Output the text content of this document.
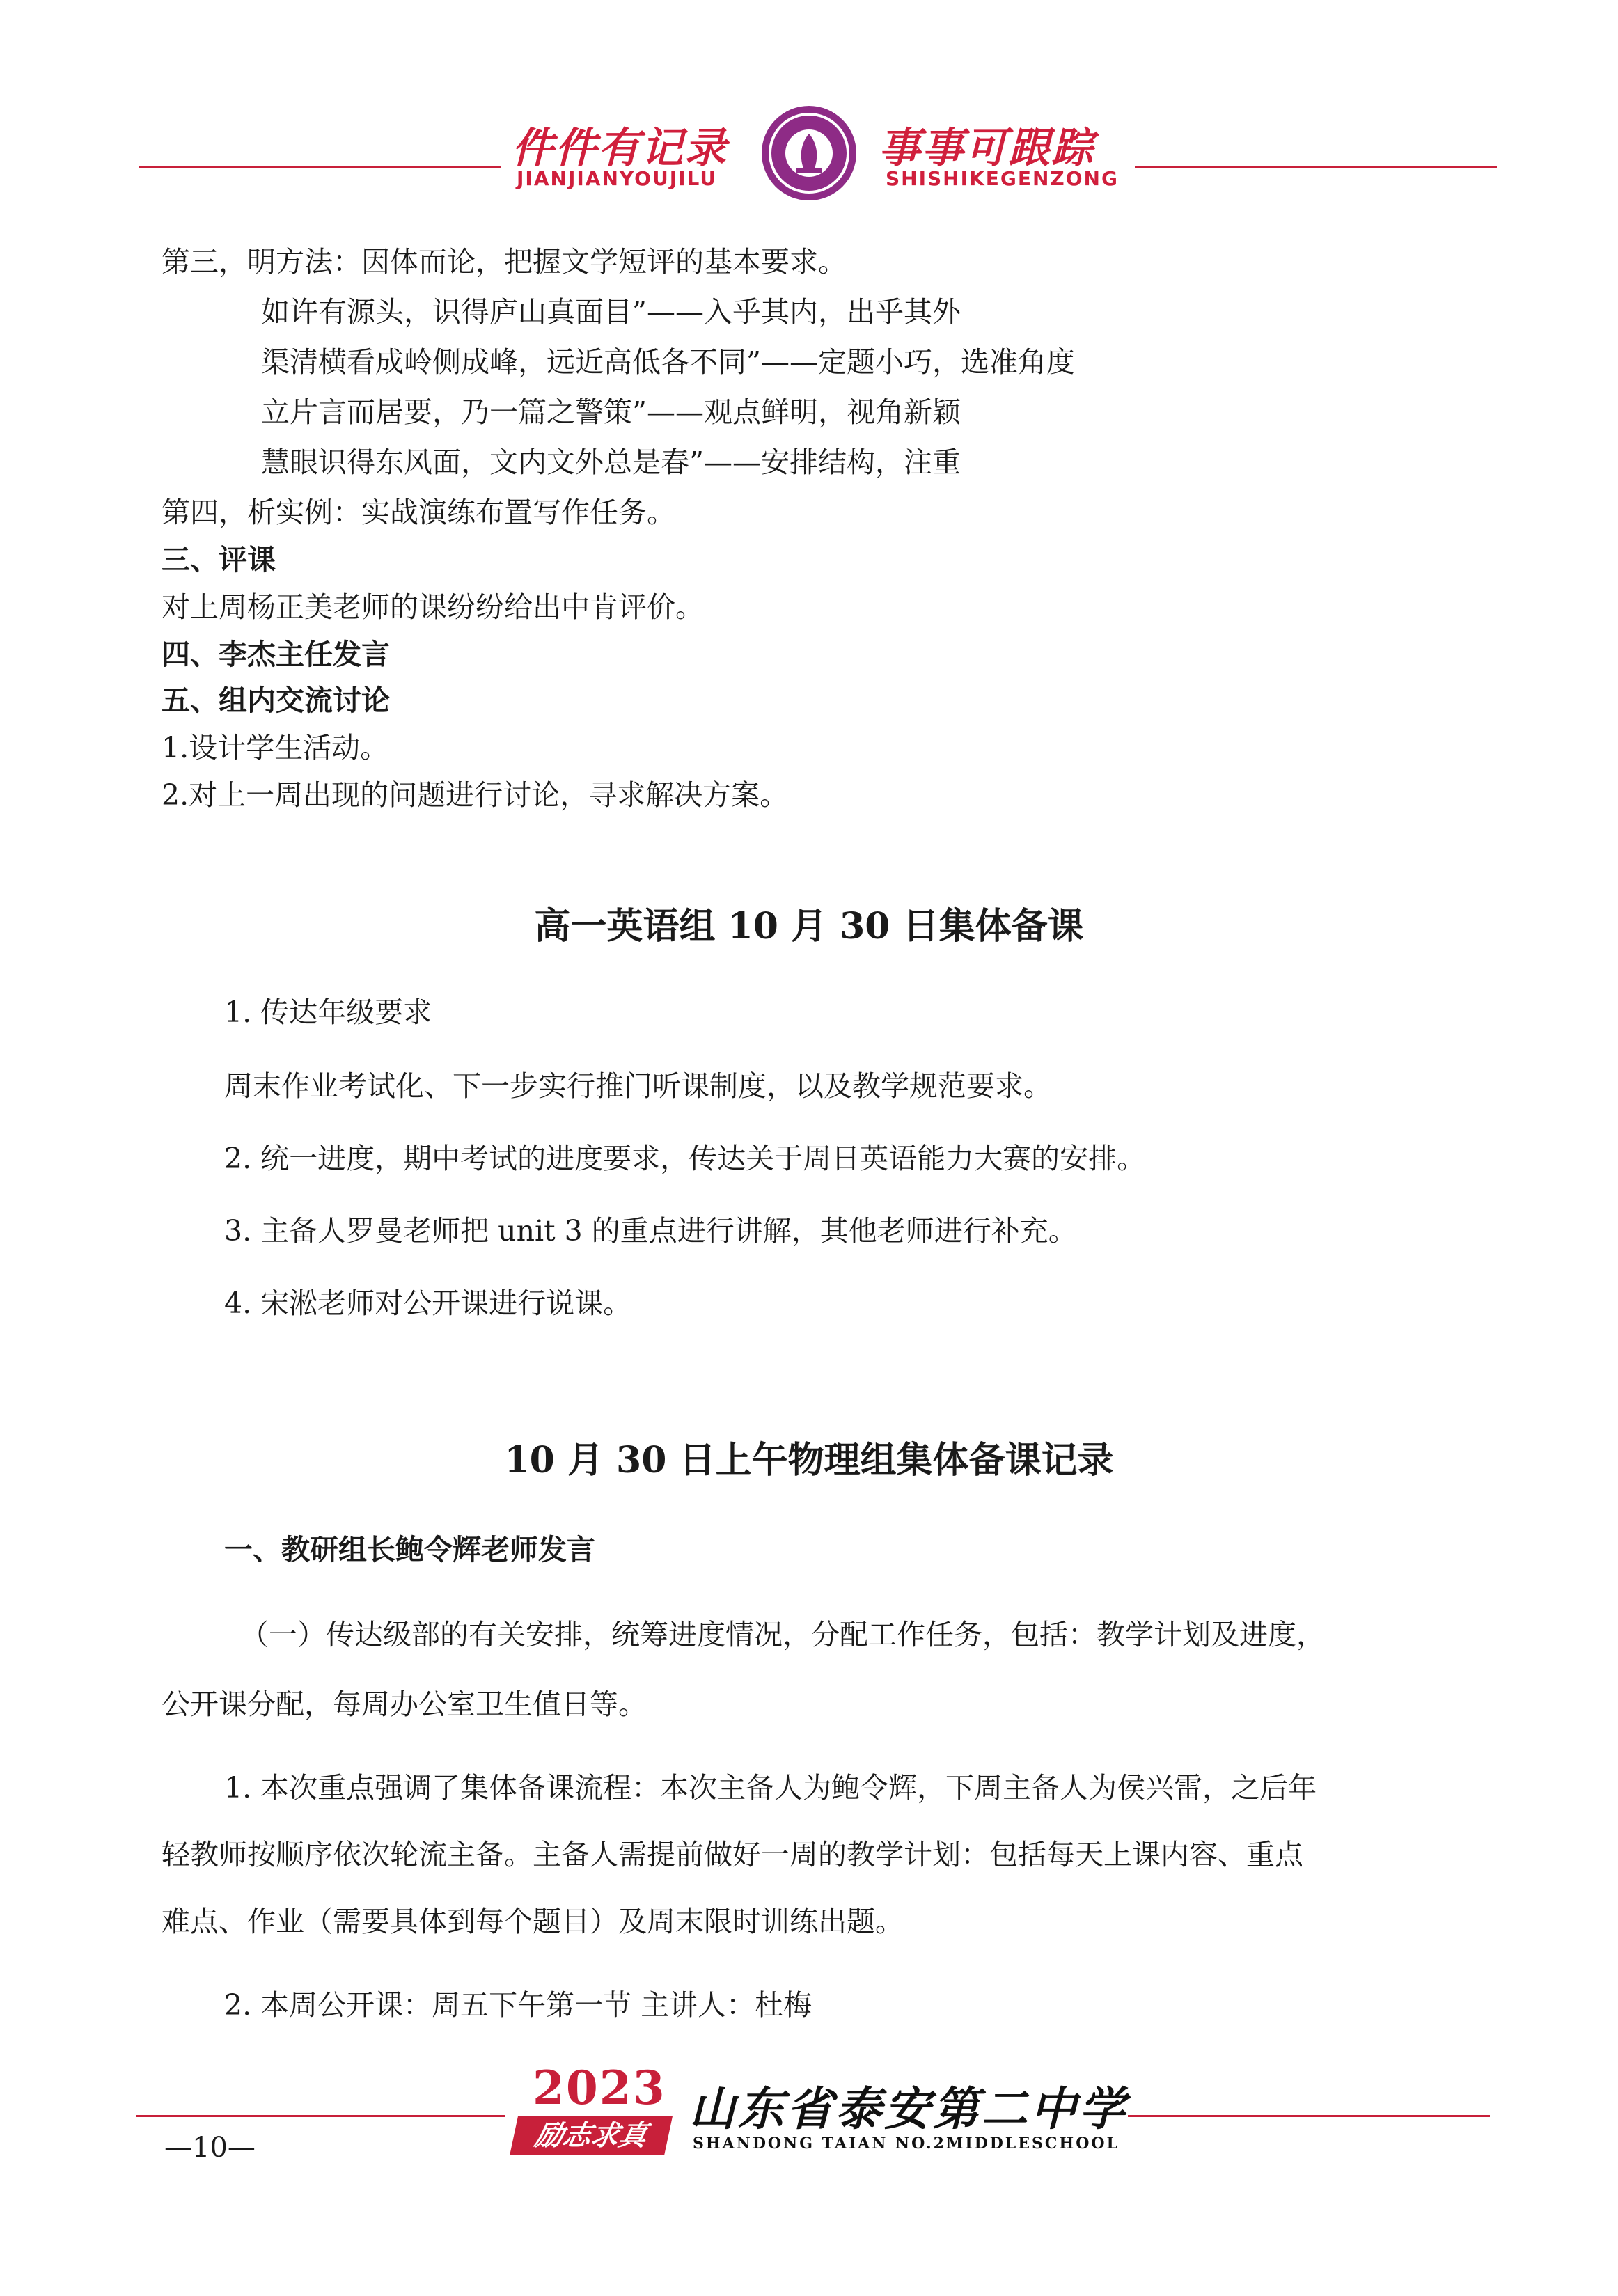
件件有记录
JIANJIANYOUJILU
事事可跟踪
SHISHIKEGENZONG
第三，明方法：因体而论，把握文学短评的基本要求。
如许有源头，识得庐山真面目”——入乎其内，出乎其外
渠清横看成岭侧成峰，远近高低各不同”——定题小巧，选准角度
立片言而居要，乃一篇之警策”——观点鲜明，视角新颖
慧眼识得东风面，文内文外总是春”——安排结构，注重
第四，析实例：实战演练布置写作任务。
三、评课
对上周杨正美老师的课纷纷给出中肯评价。
四、李杰主任发言
五、组内交流讨论
1.设计学生活动。
2.对上一周出现的问题进行讨论，寻求解决方案。
高一英语组 10 月 30 日集体备课
1. 传达年级要求
周末作业考试化、下一步实行推门听课制度，以及教学规范要求。
2. 统一进度，期中考试的进度要求，传达关于周日英语能力大赛的安排。
3. 主备人罗曼老师把 unit 3 的重点进行讲解，其他老师进行补充。
4. 宋淞老师对公开课进行说课。
10 月 30 日上午物理组集体备课记录
一、教研组长鲍令辉老师发言
（一）传达级部的有关安排，统筹进度情况，分配工作任务，包括：教学计划及进度，
公开课分配，每周办公室卫生值日等。
1. 本次重点强调了集体备课流程：本次主备人为鲍令辉，下周主备人为侯兴雷，之后年
轻教师按顺序依次轮流主备。主备人需提前做好一周的教学计划：包括每天上课内容、重点
难点、作业（需要具体到每个题目）及周末限时训练出题。
2. 本周公开课：周五下午第一节 主讲人：杜梅
2023
励志求真 山东省泰安第二中学
SHANDONG TAIAN NO.2MIDDLESCHOOL
—10—
